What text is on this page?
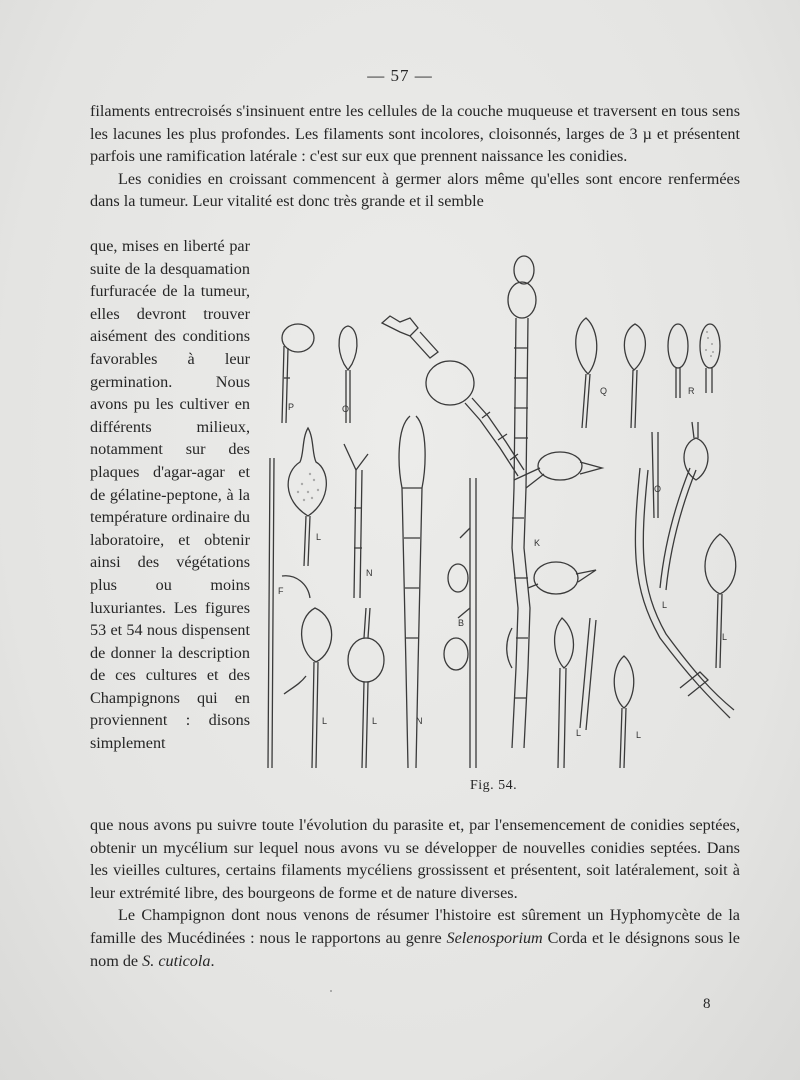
— 57 —

filaments entrecroisés s'insinuent entre les cellules de la couche muqueuse et traversent en tous sens les lacunes les plus profondes. Les filaments sont incolores, cloisonnés, larges de 3 µ et présentent parfois une ramification latérale : c'est sur eux que prennent naissance les conidies.

Les conidies en croissant commencent à germer alors même qu'elles sont encore renfermées dans la tumeur. Leur vitalité est donc très grande et il semble

que, mises en liberté par suite de la desquamation furfuracée de la tumeur, elles devront trouver aisément des conditions favorables à leur germination. Nous avons pu les cultiver en différents milieux, notamment sur des plaques d'agar-agar et de gélatine-peptone, à la température ordinaire du laboratoire, et obtenir ainsi des végétations plus ou moins luxuriantes. Les figures 53 et 54 nous dispensent de donner la description de ces cultures et des Champignons qui en proviennent : disons simplement
P	O
Q	R
L
N
K
O
F
B
L
L
L	N
L
L	L
Fig. 54.

que nous avons pu suivre toute l'évolution du parasite et, par l'ensemencement de conidies septées, obtenir un mycélium sur lequel nous avons vu se développer de nouvelles conidies septées. Dans les vieilles cultures, certains filaments mycéliens grossissent et présentent, soit latéralement, soit à leur extrémité libre, des bourgeons de forme et de nature diverses.

Le Champignon dont nous venons de résumer l'histoire est sûrement un Hyphomycète de la famille des Mucédinées : nous le rapportons au genre Selenosporium Corda et le désignons sous le nom de S. cuticola.

8
